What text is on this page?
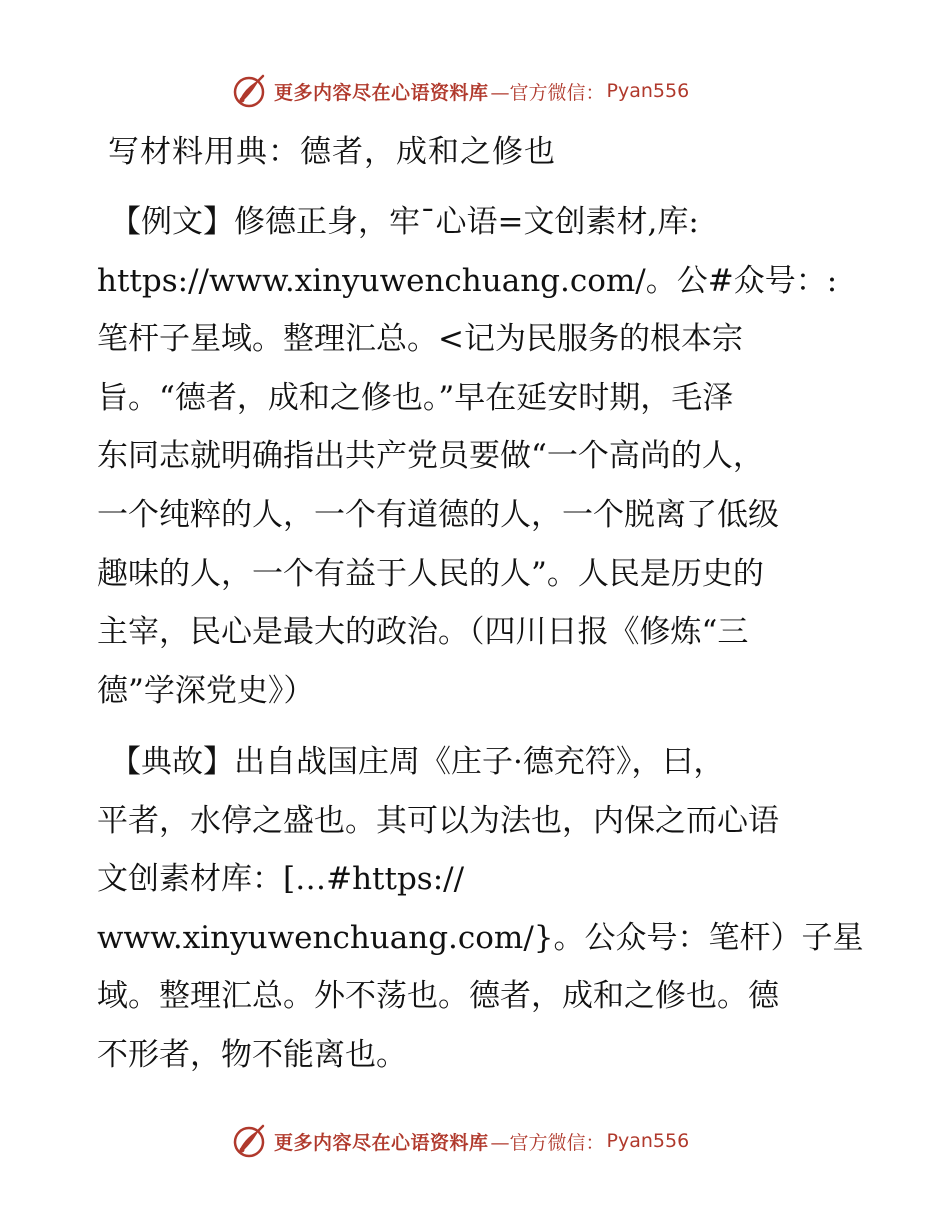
更多内容尽在心语资料库 —官方微信： Pyan556
写材料用典：德者，成和之修也
【例文】修德正身，牢¯心语=文创素材,库:
https://www.xinyuwenchuang.com/。公#众号：:
笔杆子星域。整理汇总。<记为民服务的根本宗
旨。“德者，成和之修也。”早在延安时期，毛泽
东同志就明确指出共产党员要做“一个高尚的人，
一个纯粹的人，一个有道德的人，一个脱离了低级
趣味的人，一个有益于人民的人”。人民是历史的
主宰，民心是最大的政治。（四川日报《修炼“三
德”学深党史》）
【典故】出自战国庄周《庄子·德充符》，曰，
平者，水停之盛也。其可以为法也，内保之而心语
文创素材库：[…#https://
www.xinyuwenchuang.com/}。公众号：笔杆）子星
域。整理汇总。外不荡也。德者，成和之修也。德
不形者，物不能离也。
更多内容尽在心语资料库 —官方微信： Pyan556
